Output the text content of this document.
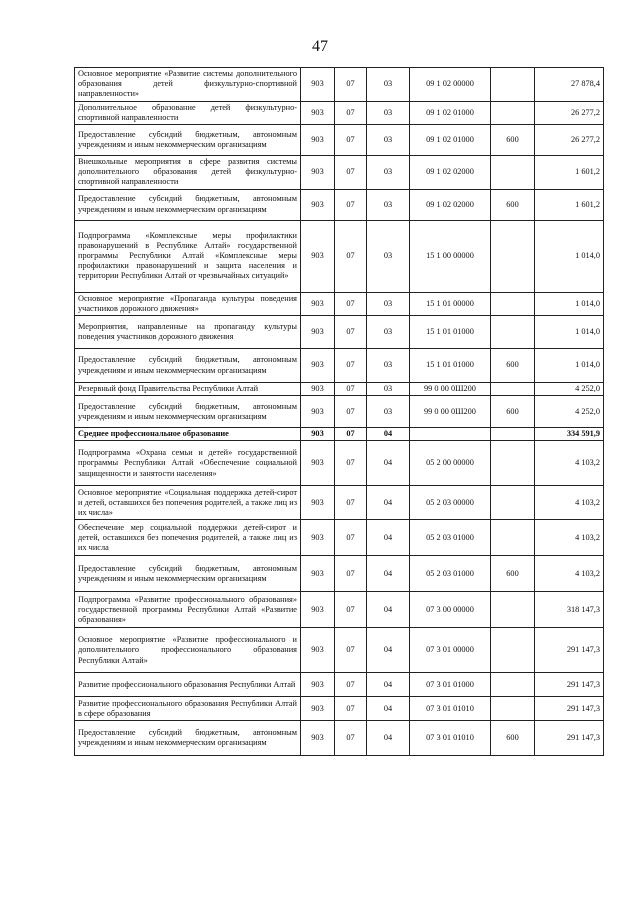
47
Основное мероприятие «Развитие системы дополнительного образования детей физкультурно-спортивной направленности»	903	07	03	09 1 02 00000		27 878,4
Дополнительное образование детей физкультурно-спортивной направленности	903	07	03	09 1 02 01000		26 277,2
Предоставление субсидий бюджетным, автономным учреждениям и иным некоммерческим организациям	903	07	03	09 1 02 01000	600	26 277,2
Внешкольные мероприятия в сфере развития системы дополнительного образования детей физкультурно-спортивной направленности	903	07	03	09 1 02 02000		1 601,2
Предоставление субсидий бюджетным, автономным учреждениям и иным некоммерческим организациям	903	07	03	09 1 02 02000	600	1 601,2
Подпрограмма «Комплексные меры профилактики правонарушений в Республике Алтай» государственной программы Республики Алтай «Комплексные меры профилактики правонарушений и защита населения и территории Республики Алтай от чрезвычайных ситуаций»	903	07	03	15 1 00 00000		1 014,0
Основное мероприятие «Пропаганда культуры поведения участников дорожного движения»	903	07	03	15 1 01 00000		1 014,0
Мероприятия, направленные на пропаганду культуры поведения участников дорожного движения	903	07	03	15 1 01 01000		1 014,0
Предоставление субсидий бюджетным, автономным учреждениям и иным некоммерческим организациям	903	07	03	15 1 01 01000	600	1 014,0
Резервный фонд Правительства Республики Алтай	903	07	03	99 0 00 0Ш200		4 252,0
Предоставление субсидий бюджетным, автономным учреждениям и иным некоммерческим организациям	903	07	03	99 0 00 0Ш200	600	4 252,0
Среднее профессиональное образование	903	07	04			334 591,9
Подпрограмма «Охрана семьи и детей» государственной программы Республики Алтай «Обеспечение социальной защищенности и занятости населения»	903	07	04	05 2 00 00000		4 103,2
Основное мероприятие «Социальная поддержка детей-сирот и детей, оставшихся без попечения родителей, а также лиц из их числа»	903	07	04	05 2 03 00000		4 103,2
Обеспечение мер социальной поддержки детей-сирот и детей, оставшихся без попечения родителей, а также лиц из их числа	903	07	04	05 2 03 01000		4 103,2
Предоставление субсидий бюджетным, автономным учреждениям и иным некоммерческим организациям	903	07	04	05 2 03 01000	600	4 103,2
Подпрограмма «Развитие профессионального образования» государственной программы Республики Алтай «Развитие образования»	903	07	04	07 3 00 00000		318 147,3
Основное мероприятие «Развитие профессионального и дополнительного профессионального образования Республики Алтай»	903	07	04	07 3 01 00000		291 147,3
Развитие профессионального образования Республики Алтай	903	07	04	07 3 01 01000		291 147,3
Развитие профессионального образования Республики Алтай в сфере образования	903	07	04	07 3 01 01010		291 147,3
Предоставление субсидий бюджетным, автономным учреждениям и иным некоммерческим организациям	903	07	04	07 3 01 01010	600	291 147,3
